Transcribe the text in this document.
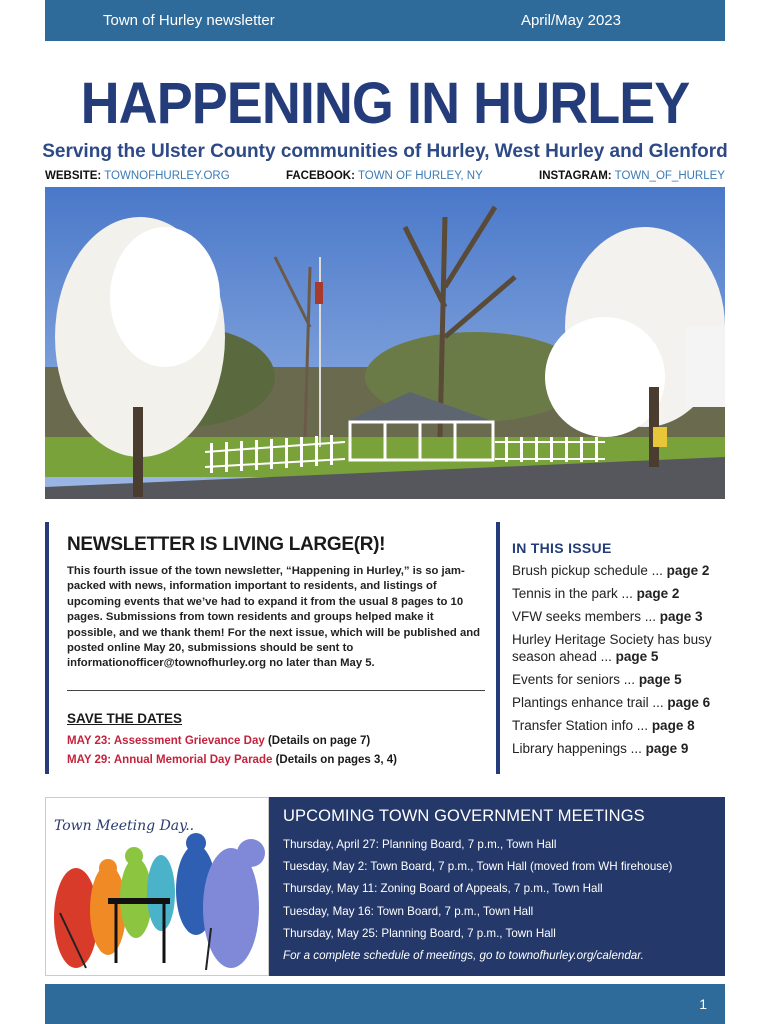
Town of Hurley newsletter	April/May 2023
HAPPENING IN HURLEY
Serving the Ulster County communities of Hurley, West Hurley and Glenford
WEBSITE: TOWNOFHURLEY.ORG	FACEBOOK: TOWN OF HURLEY, NY	INSTAGRAM: TOWN_OF_HURLEY
NEWSLETTER IS LIVING LARGE(R)!

This fourth issue of the town newsletter, “Happening in Hurley,” is so jam-packed with news, information important to residents, and listings of upcoming events that we’ve had to expand it from the usual 8 pages to 10 pages. Submissions from town residents and groups helped make it possible, and we thank them! For the next issue, which will be published and posted online May 20, submissions should be sent to informationofficer@townofhurley.org no later than May 5.

SAVE THE DATES
MAY 23: Assessment Grievance Day (Details on page 7)
MAY 29: Annual Memorial Day Parade (Details on pages 3, 4)
IN THIS ISSUE
Brush pickup schedule ... page 2
Tennis in the park ... page 2
VFW seeks members ... page 3
Hurley Heritage Society has busy season ahead ... page 5
Events for seniors ... page 5
Plantings enhance trail ... page 6
Transfer Station info ... page 8
Library happenings ... page 9
Town Meeting Day..
UPCOMING TOWN GOVERNMENT MEETINGS

Thursday, April 27: Planning Board, 7 p.m., Town Hall

Tuesday, May 2: Town Board, 7 p.m., Town Hall (moved from WH firehouse)

Thursday, May 11: Zoning Board of Appeals, 7 p.m., Town Hall

Tuesday, May 16: Town Board, 7 p.m., Town Hall

Thursday, May 25: Planning Board, 7 p.m., Town Hall

For a complete schedule of meetings, go to townofhurley.org/calendar.

1
